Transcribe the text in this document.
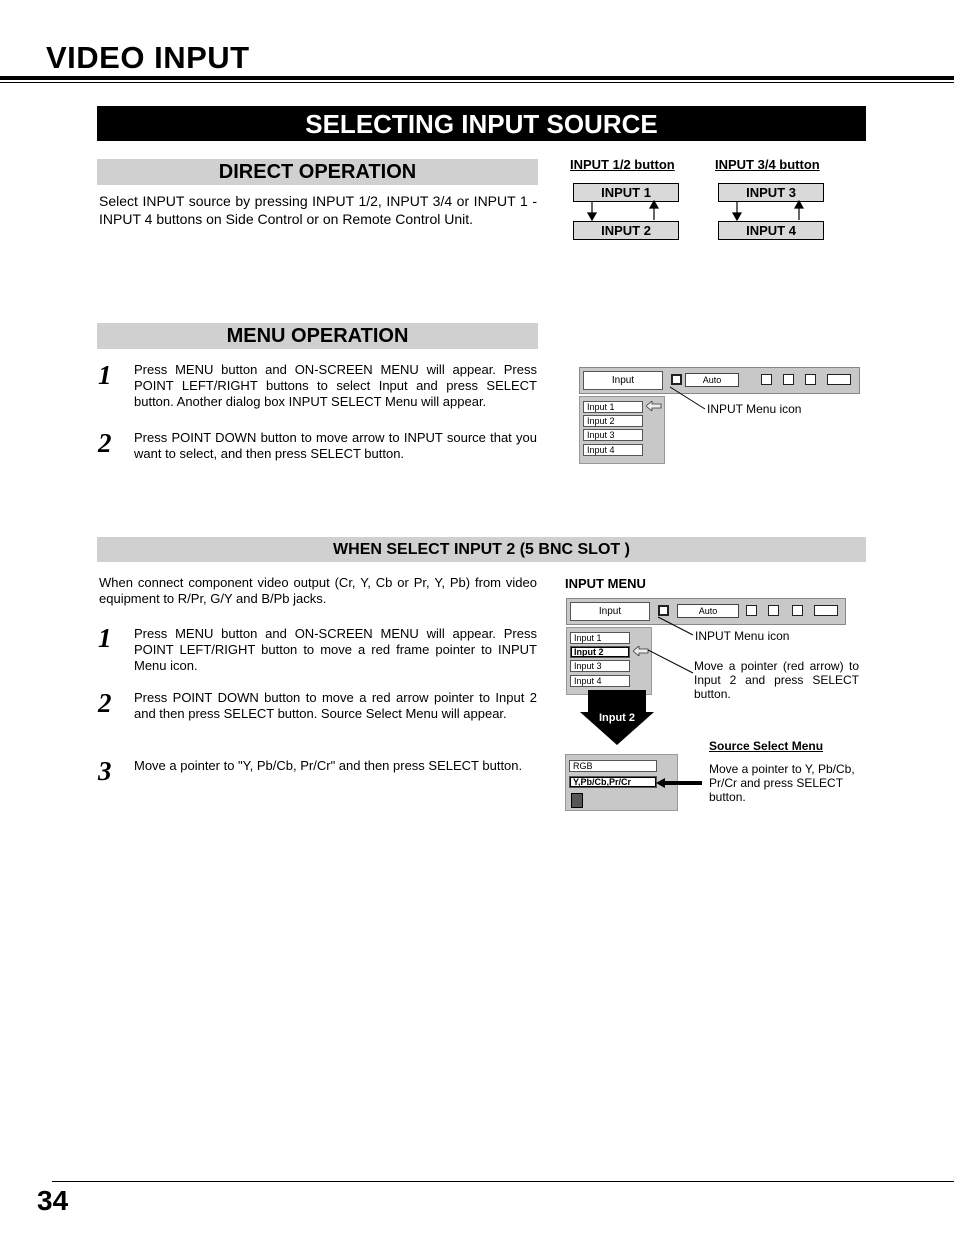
VIDEO INPUT
SELECTING INPUT SOURCE
DIRECT OPERATION
Select INPUT source by pressing INPUT 1/2, INPUT 3/4 or INPUT 1 - INPUT 4 buttons on Side Control or on Remote Control Unit.
INPUT 1/2 button	INPUT 3/4 button
INPUT 1
INPUT 2
INPUT 3
INPUT 4
MENU OPERATION
1 Press MENU button and ON-SCREEN MENU will appear. Press POINT LEFT/RIGHT buttons to select Input and press SELECT button. Another dialog box INPUT SELECT Menu will appear.
2 Press POINT DOWN button to move arrow to INPUT source that you want to select, and then press SELECT button.
Input	Auto
Input 1
Input 2
Input 3
Input 4
INPUT Menu icon
WHEN SELECT INPUT 2 (5 BNC SLOT )
When connect component video output (Cr, Y, Cb or Pr, Y, Pb) from video equipment to R/Pr, G/Y and B/Pb jacks.
1 Press MENU button and ON-SCREEN MENU will appear. Press POINT LEFT/RIGHT button to move a red frame pointer to INPUT Menu icon.
2 Press POINT DOWN button to move a red arrow pointer to Input 2 and then press SELECT button. Source Select Menu will appear.
3 Move a pointer to "Y, Pb/Cb, Pr/Cr" and then press SELECT button.
INPUT MENU
Input	Auto
Input 1
Input 2
Input 3
Input 4
INPUT Menu icon
Move a pointer (red arrow) to Input 2 and press SELECT button.
Input 2
Source Select Menu
RGB
Y,Pb/Cb,Pr/Cr
Move a pointer to Y, Pb/Cb, Pr/Cr and press SELECT button.
34
